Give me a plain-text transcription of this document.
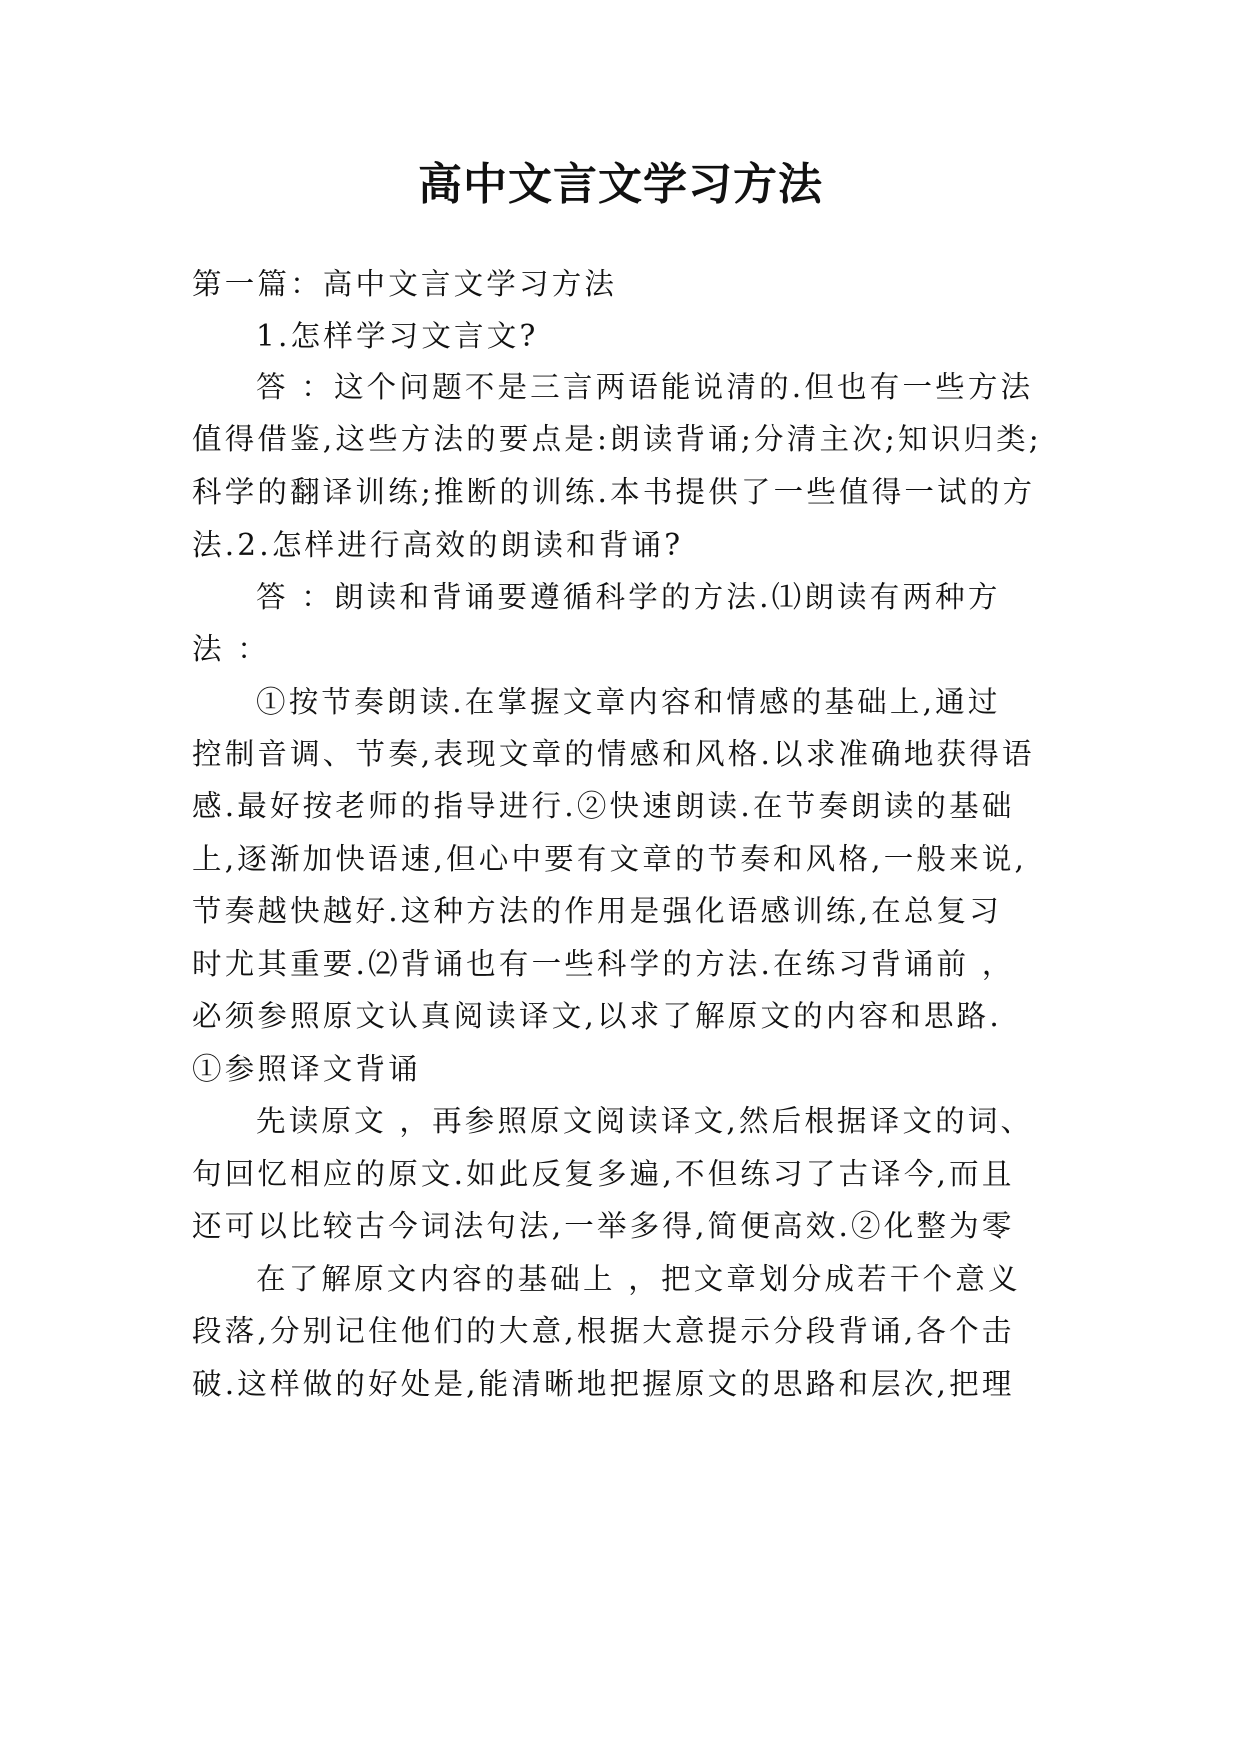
高中文言文学习方法
第一篇：高中文言文学习方法
1.怎样学习文言文?
答 ：这个问题不是三言两语能说清的.但也有一些方法
值得借鉴,这些方法的要点是:朗读背诵;分清主次;知识归类;
科学的翻译训练;推断的训练.本书提供了一些值得一试的方
法.2.怎样进行高效的朗读和背诵?
答 ：朗读和背诵要遵循科学的方法.⑴朗读有两种方
法 ：
①按节奏朗读.在掌握文章内容和情感的基础上,通过
控制音调、节奏,表现文章的情感和风格.以求准确地获得语
感.最好按老师的指导进行.②快速朗读.在节奏朗读的基础
上,逐渐加快语速,但心中要有文章的节奏和风格,一般来说,
节奏越快越好.这种方法的作用是强化语感训练,在总复习
时尤其重要.⑵背诵也有一些科学的方法.在练习背诵前 ，
必须参照原文认真阅读译文,以求了解原文的内容和思路.
①参照译文背诵
先读原文 ，再参照原文阅读译文,然后根据译文的词、
句回忆相应的原文.如此反复多遍,不但练习了古译今,而且
还可以比较古今词法句法,一举多得,简便高效.②化整为零
在了解原文内容的基础上 ，把文章划分成若干个意义
段落,分别记住他们的大意,根据大意提示分段背诵,各个击
破.这样做的好处是,能清晰地把握原文的思路和层次,把理
